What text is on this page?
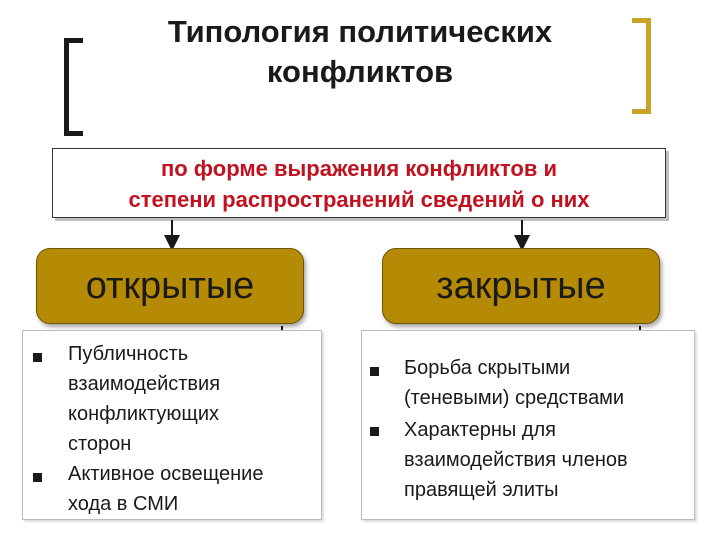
Типология политических
конфликтов
по форме выражения конфликтов и
степени распространений сведений о них
открытые	закрытые
Публичность
взаимодействия
конфликтующих
сторон
Активное освещение
хода в СМИ
Борьба скрытыми
(теневыми) средствами
Характерны для
взаимодействия членов
правящей элиты
